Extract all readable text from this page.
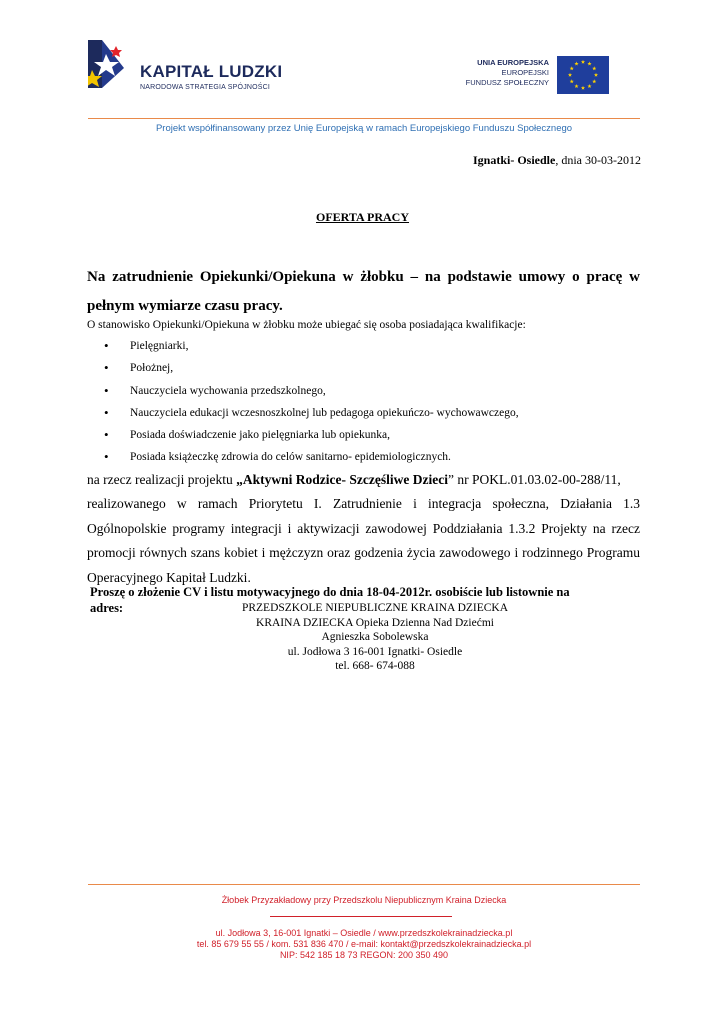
KAPITAŁ LUDZKI
NARODOWA STRATEGIA SPÓJNOŚCI
UNIA EUROPEJSKA
EUROPEJSKI
FUNDUSZ SPOŁECZNY
Projekt współfinansowany przez Unię Europejską w ramach Europejskiego Funduszu Społecznego
Ignatki- Osiedle, dnia 30-03-2012
OFERTA PRACY
Na zatrudnienie Opiekunki/Opiekuna w żłobku – na podstawie umowy o pracę w pełnym wymiarze czasu pracy.
O stanowisko Opiekunki/Opiekuna w żłobku może ubiegać się osoba posiadająca kwalifikacje:
• Pielęgniarki,
• Położnej,
• Nauczyciela wychowania przedszkolnego,
• Nauczyciela edukacji wczesnoszkolnej lub pedagoga opiekuńczo- wychowawczego,
• Posiada doświadczenie jako pielęgniarka lub opiekunka,
• Posiada książeczkę zdrowia do celów sanitarno- epidemiologicznych.

na rzecz realizacji projektu „Aktywni Rodzice- Szczęśliwe Dzieci” nr POKL.01.03.02-00-288/11,

realizowanego w ramach Priorytetu I. Zatrudnienie i integracja społeczna, Działania 1.3

Ogólnopolskie programy integracji i aktywizacji zawodowej Poddziałania 1.3.2 Projekty na rzecz

promocji równych szans kobiet i mężczyzn oraz godzenia życia zawodowego i rodzinnego Programu

Operacyjnego Kapitał Ludzki.

Proszę o złożenie CV i listu motywacyjnego do dnia 18-04-2012r. osobiście lub listownie na
adres:	PRZEDSZKOLE NIEPUBLICZNE KRAINA DZIECKA
KRAINA DZIECKA Opieka Dzienna Nad Dziećmi
Agnieszka Sobolewska
ul. Jodłowa 3 16-001 Ignatki- Osiedle
tel. 668- 674-088
Żłobek Przyzakładowy przy Przedszkolu Niepublicznym Kraina Dziecka
ul. Jodłowa 3, 16-001 Ignatki – Osiedle / www.przedszkolekrainadziecka.pl
tel. 85 679 55 55 / kom. 531 836 470 / e-mail: kontakt@przedszkolekrainadziecka.pl
NIP: 542 185 18 73 REGON: 200 350 490
